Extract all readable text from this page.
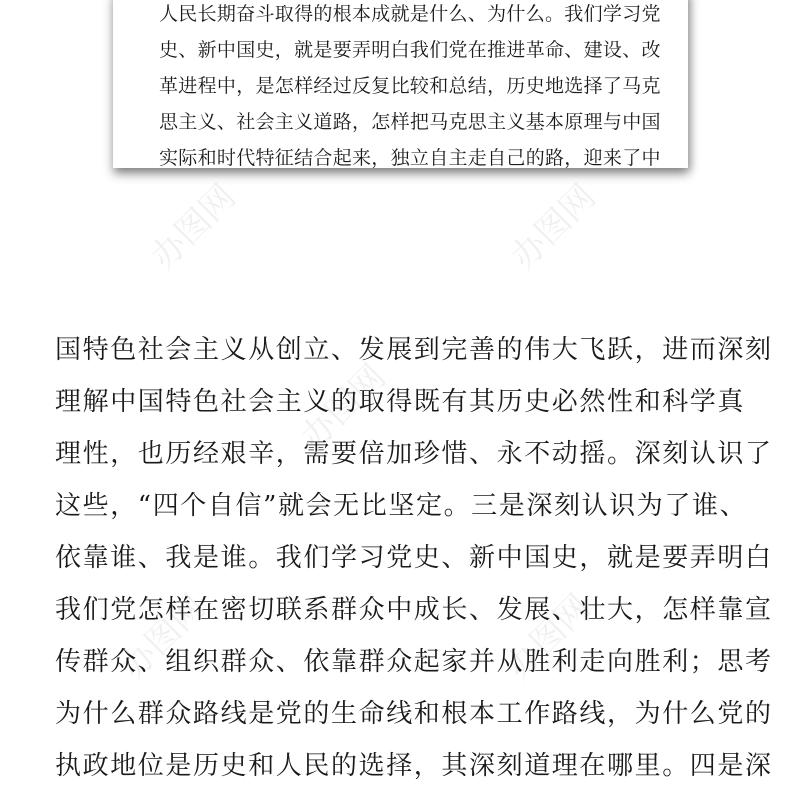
人民长期奋斗取得的根本成就是什么、为什么。我们学习党
史、新中国史，就是要弄明白我们党在推进革命、建设、改
革进程中，是怎样经过反复比较和总结，历史地选择了马克
思主义、社会主义道路，怎样把马克思主义基本原理与中国
实际和时代特征结合起来，独立自主走自己的路，迎来了中
国特色社会主义从创立、发展到完善的伟大飞跃，进而深刻
理解中国特色社会主义的取得既有其历史必然性和科学真
理性，也历经艰辛，需要倍加珍惜、永不动摇。深刻认识了
这些，“四个自信”就会无比坚定。三是深刻认识为了谁、
依靠谁、我是谁。我们学习党史、新中国史，就是要弄明白
我们党怎样在密切联系群众中成长、发展、壮大，怎样靠宣
传群众、组织群众、依靠群众起家并从胜利走向胜利；思考
为什么群众路线是党的生命线和根本工作路线，为什么党的
执政地位是历史和人民的选择，其深刻道理在哪里。四是深
办图网	办图网
办图网
办图网	办图网
